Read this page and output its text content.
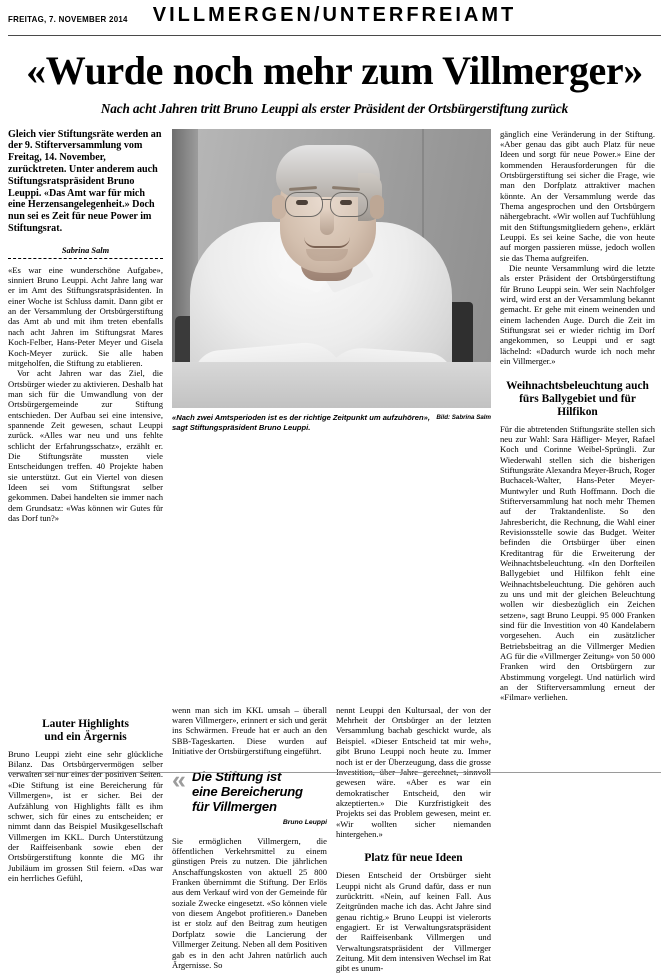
FREITAG, 7. NOVEMBER 2014	VILLMERGEN/UNTERFREIAMT
«Wurde noch mehr zum Villmerger»
Nach acht Jahren tritt Bruno Leuppi als erster Präsident der Ortsbürgerstiftung zurück

Gleich vier Stiftungsräte werden an der 9. Stifterversammlung vom Freitag, 14. November, zurücktreten. Unter anderem auch Stiftungsratspräsident Bruno Leuppi. «Das Amt war für mich eine Herzensangelegenheit.» Doch nun sei es Zeit für neue Power im Stiftungsrat.

Sabrina Salm

«Es war eine wunderschöne Aufgabe», sinniert Bruno Leuppi. Acht Jahre lang war er im Amt des Stiftungsratspräsidenten. In einer Woche ist Schluss damit. Dann gibt er an der Versammlung der Ortsbürgerstiftung das Amt ab und mit ihm treten ebenfalls nach acht Jahren im Stiftungsrat Mares Koch-Felber, Hans-Peter Meyer und Gisela Koch-Meyer zurück. Sie alle haben mitgeholfen, die Stiftung zu etablieren.

Vor acht Jahren war das Ziel, die Ortsbürger wieder zu aktivieren. Deshalb hat man sich für die Umwandlung von der Ortsbürgergemeinde zur Stiftung entschieden. Der Aufbau sei eine intensive, spannende Zeit gewesen, schaut Leuppi zurück. «Alles war neu und uns fehlte schlicht der Erfahrungsschatz», erzählt er. Die Stiftungsräte mussten viele Entscheidungen treffen. 40 Projekte haben sie unterstützt. Gut ein Viertel von diesen Ideen sei vom Stiftungsrat selber gekommen. Dabei handelten sie immer nach dem Grundsatz: «Was können wir Gutes für das Dorf tun?»

«Nach zwei Amtsperioden ist es der richtige Zeitpunkt um aufzuhören», sagt Stiftungspräsident Bruno Leuppi.
Bild: Sabrina Salm

gänglich eine Veränderung in der Stiftung. «Aber genau das gibt auch Platz für neue Ideen und sorgt für neue Power.» Eine der kommenden Herausforderungen für die Ortsbürgerstiftung sei sicher die Frage, wie man den Dorfplatz attraktiver machen könnte. An der Versammlung werde das Thema angesprochen und den Ortsbürgern nähergebracht. «Wir wollen auf Tuchfühlung mit den Stiftungsmitgliedern gehen», erklärt Leuppi. Es sei keine Sache, die von heute auf morgen passieren müsse, jedoch wollen sie das Thema aufgreifen.

Die neunte Versammlung wird die letzte als erster Präsident der Ortsbürgerstiftung für Bruno Leuppi sein. Wer sein Nachfolger wird, wird erst an der Versammlung bekannt gemacht. Er gehe mit einem weinenden und einem lachenden Auge. Durch die Zeit im Stiftungsrat sei er wieder richtig im Dorf angekommen, so Leuppi und er sagt lächelnd: «Dadurch wurde ich noch mehr ein Villmerger.»

Weihnachtsbeleuchtung auch
fürs Ballygebiet und für Hilfikon

Für die abtretenden Stiftungsräte stellen sich neu zur Wahl: Sara Häfliger- Meyer, Rafael Koch und Corinne Weibel-Sprüngli. Zur Wiederwahl stellen sich die bisherigen Stiftungsräte Alexandra Meyer-Bruch, Roger Buchacek-Walter, Hans-Peter Meyer-Muntwyler und Ruth Hoffmann. Doch die Stifterversammlung hat noch mehr Themen auf der Traktandenliste. So den Jahresbericht, die Rechnung, die Wahl einer Revisionsstelle sowie das Budget. Weiter befinden die Ortsbürger über einen Kreditantrag für die Erweiterung der Weihnachtsbeleuchtung. «In den Dorfteilen Ballygebiet und Hilfikon fehlt eine Weihnachtsbeleuchtung. Die gehören auch zu uns und mit der gleichen Beleuchtung wollen wir diesbezüglich ein Zeichen setzen», sagt Bruno Leuppi. 95 000 Franken sind für die Investition von 40 Kandelabern vorgesehen. Auch ein zusätzlicher Betriebsbeitrag an die Villmerger Medien AG für die «Villmerger Zeitung» von 50 000 Franken wird den Ortsbürgern zur Abstimmung vorgelegt. Und natürlich wird an der Stifterversammlung erneut der «Filmar» verliehen.

Lauter Highlights
und ein Ärgernis

Bruno Leuppi zieht eine sehr glückliche Bilanz. Das Ortsbürgervermögen selber verwalten sei nur eines der positiven Seiten. «Die Stiftung ist eine Bereicherung für Villmergen», ist er sicher. Bei der Aufzählung von Highlights fällt es ihm schwer, sich für eines zu entscheiden; er nimmt dann das Beispiel Musikgesellschaft Villmergen im KKL. Durch Unterstützung der Raiffeisenbank sowie eben der Ortsbürgerstiftung konnte die MG ihr Jubiläum im grossen Stil feiern. «Das war ein herrliches Gefühl,

wenn man sich im KKL umsah – überall waren Villmerger», erinnert er sich und gerät ins Schwärmen. Freude hat er auch an den SBB-Tageskarten. Diese wurden auf Initiative der Ortsbürgerstiftung eingeführt.

« Die Stiftung ist
eine Bereicherung
für Villmergen
Bruno Leuppi

Sie ermöglichen Villmergern, die öffentlichen Verkehrsmittel zu einem günstigen Preis zu nutzen. Die jährlichen Anschaffungskosten von aktuell 25 800 Franken übernimmt die Stiftung. Der Erlös aus dem Verkauf wird von der Gemeinde für soziale Zwecke eingesetzt. «So können viele von diesem Angebot profitieren.» Daneben ist er stolz auf den Beitrag zum heutigen Dorfplatz sowie die Lancierung der Villmerger Zeitung. Neben all dem Positiven gab es in den acht Jahren natürlich auch Ärgernisse. So

nennt Leuppi den Kultursaal, der von der Mehrheit der Ortsbürger an der letzten Versammlung bachab geschickt wurde, als Beispiel. «Dieser Entscheid tat mir weh», gibt Bruno Leuppi noch heute zu. Immer noch ist er der Überzeugung, dass die grosse Investition, über Jahre gerechnet, sinnvoll gewesen wäre. «Aber es war ein demokratischer Entscheid, den wir akzeptierten.» Die Kurzfristigkeit des Projekts sei das Problem gewesen, meint er. «Wir wollten sicher niemanden hintergehen.»

Platz für neue Ideen

Diesen Entscheid der Ortsbürger sieht Leuppi nicht als Grund dafür, dass er nun zurücktritt. «Nein, auf keinen Fall. Aus Zeitgründen mache ich das. Acht Jahre sind genau richtig.» Bruno Leuppi ist vielerorts engagiert. Er ist Verwaltungsratspräsident der Raiffeisenbank Villmergen und Verwaltungsratspräsident der Villmerger Zeitung. Mit dem intensiven Wechsel im Rat gibt es unum-
